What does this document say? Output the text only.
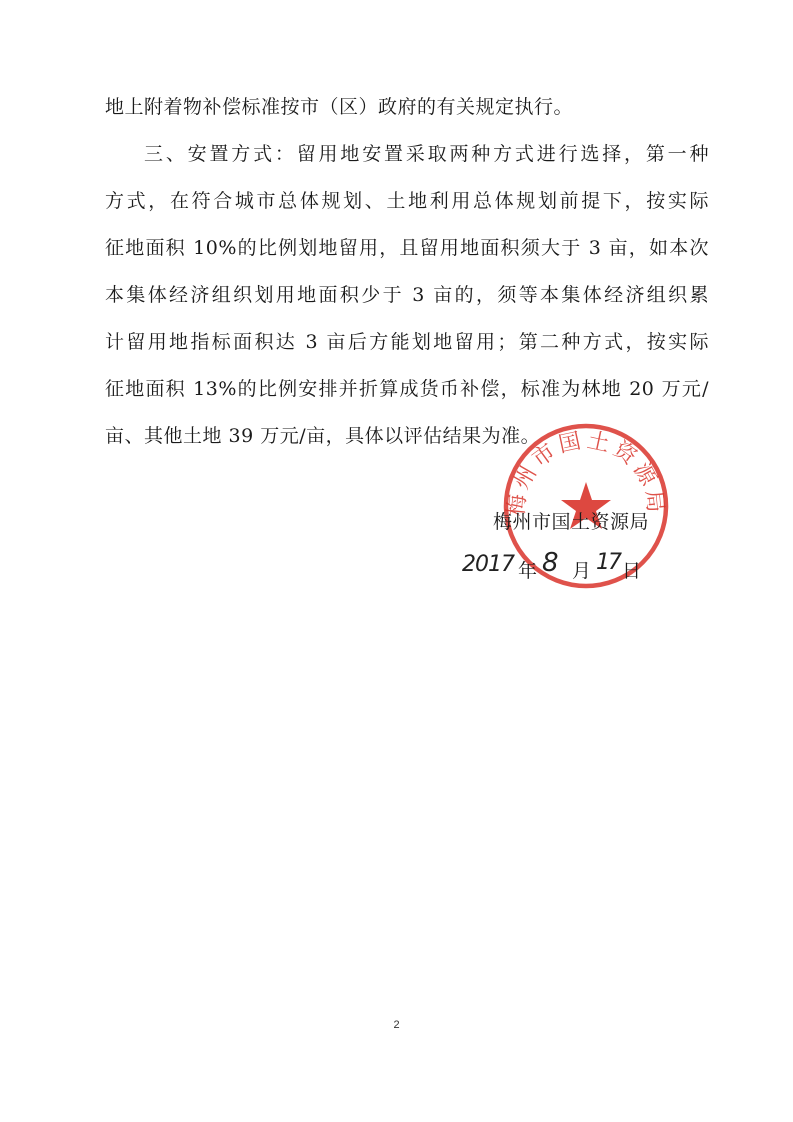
地上附着物补偿标准按市（区）政府的有关规定执行。
三、安置方式：留用地安置采取两种方式进行选择，第一种
方式，在符合城市总体规划、土地利用总体规划前提下，按实际
征地面积 10%的比例划地留用，且留用地面积须大于 3 亩，如本次
本集体经济组织划用地面积少于 3 亩的，须等本集体经济组织累
计留用地指标面积达 3 亩后方能划地留用；第二种方式，按实际
征地面积 13%的比例安排并折算成货币补偿，标准为林地 20 万元/
亩、其他土地 39 万元/亩，具体以评估结果为准。
梅州市国土资源局
梅州市国土资源局
2017 年 8 月 17 日
2
